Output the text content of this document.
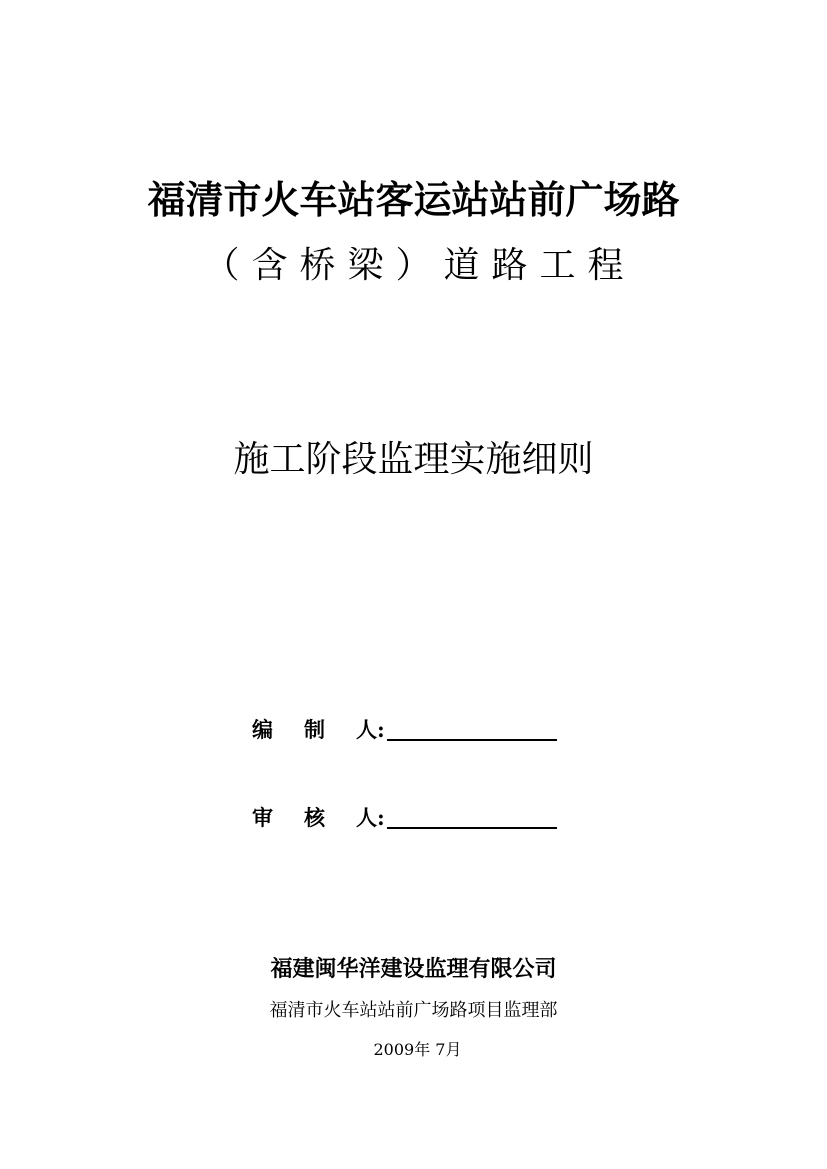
福清市火车站客运站站前广场路
（含桥梁）道路工程
施工阶段监理实施细则
编 制 人:
审 核 人:
福建闽华洋建设监理有限公司
福清市火车站站前广场路项目监理部
2009年 7月
